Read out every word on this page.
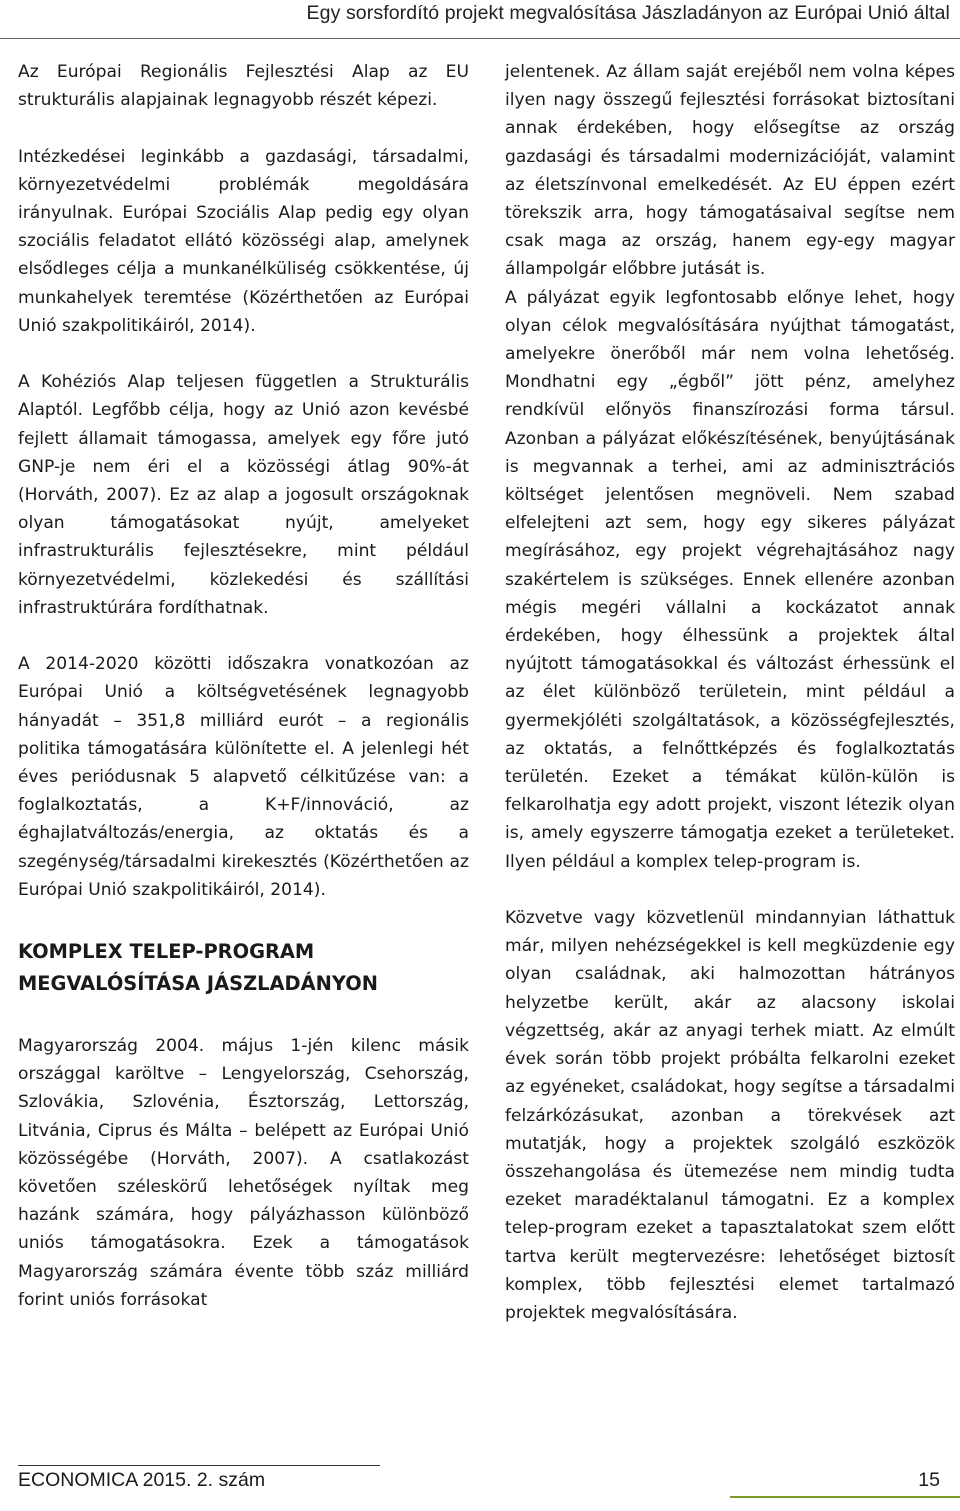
Egy sorsfordító projekt megvalósítása Jászladányon az Európai Unió által

Az Európai Regionális Fejlesztési Alap az EU strukturális alapjainak legnagyobb részét képezi.

Intézkedései leginkább a gazdasági, társadalmi, környezetvédelmi problémák megoldására irányulnak. Európai Szociális Alap pedig egy olyan szociális feladatot ellátó közösségi alap, amelynek elsődleges célja a munkanélküliség csökkentése, új munkahelyek teremtése (Közérthetően az Európai Unió szakpolitikáiról, 2014).

A Kohéziós Alap teljesen független a Strukturális Alaptól. Legfőbb célja, hogy az Unió azon kevésbé fejlett államait támogassa, amelyek egy főre jutó GNP-je nem éri el a közösségi átlag 90%-át (Horváth, 2007). Ez az alap a jogosult országoknak olyan támogatásokat nyújt, amelyeket infrastrukturális fejlesztésekre, mint például környezetvédelmi, közlekedési és szállítási infrastruktúrára fordíthatnak.

A 2014-2020 közötti időszakra vonatkozóan az Európai Unió a költségvetésének legnagyobb hányadát – 351,8 milliárd eurót – a regionális politika támogatására különítette el. A jelenlegi hét éves periódusnak 5 alapvető célkitűzése van: a foglalkoztatás, a K+F/innováció, az éghajlatváltozás/energia, az oktatás és a szegénység/társadalmi kirekesztés (Közérthetően az Európai Unió szakpolitikáiról, 2014).

KOMPLEX TELEP-PROGRAM
MEGVALÓSÍTÁSA JÁSZLADÁNYON

Magyarország 2004. május 1-jén kilenc másik országgal karöltve – Lengyelország, Csehország, Szlovákia, Szlovénia, Észtország, Lettország, Litvánia, Ciprus és Málta – belépett az Európai Unió közösségébe (Horváth, 2007). A csatlakozást követően széleskörű lehetőségek nyíltak meg hazánk számára, hogy pályázhasson különböző uniós támogatásokra. Ezek a támogatások Magyarország számára évente több száz milliárd forint uniós forrásokat

jelentenek. Az állam saját erejéből nem volna képes ilyen nagy összegű fejlesztési forrásokat biztosítani annak érdekében, hogy elősegítse az ország gazdasági és társadalmi modernizációját, valamint az életszínvonal emelkedését. Az EU éppen ezért törekszik arra, hogy támogatásaival segítse nem csak maga az ország, hanem egy-egy magyar állampolgár előbbre jutását is.

A pályázat egyik legfontosabb előnye lehet, hogy olyan célok megvalósítására nyújthat támogatást, amelyekre önerőből már nem volna lehetőség. Mondhatni egy „égből” jött pénz, amelyhez rendkívül előnyös finanszírozási forma társul. Azonban a pályázat előkészítésének, benyújtásának is megvannak a terhei, ami az adminisztrációs költséget jelentősen megnöveli. Nem szabad elfelejteni azt sem, hogy egy sikeres pályázat megírásához, egy projekt végrehajtásához nagy szakértelem is szükséges. Ennek ellenére azonban mégis megéri vállalni a kockázatot annak érdekében, hogy élhessünk a projektek által nyújtott támogatásokkal és változást érhessünk el az élet különböző területein, mint például a gyermekjóléti szolgáltatások, a közösségfejlesztés, az oktatás, a felnőttképzés és foglalkoztatás területén. Ezeket a témákat külön-külön is felkarolhatja egy adott projekt, viszont létezik olyan is, amely egyszerre támogatja ezeket a területeket. Ilyen például a komplex telep-program is.

Közvetve vagy közvetlenül mindannyian láthattuk már, milyen nehézségekkel is kell megküzdenie egy olyan családnak, aki halmozottan hátrányos helyzetbe került, akár az alacsony iskolai végzettség, akár az anyagi terhek miatt. Az elmúlt évek során több projekt próbálta felkarolni ezeket az egyéneket, családokat, hogy segítse a társadalmi felzárkózásukat, azonban a törekvések azt mutatják, hogy a projektek szolgáló eszközök összehangolása és ütemezése nem mindig tudta ezeket maradéktalanul támogatni. Ez a komplex telep-program ezeket a tapasztalatokat szem előtt tartva került megtervezésre: lehetőséget biztosít komplex, több fejlesztési elemet tartalmazó projektek megvalósítására.

ECONOMICA 2015. 2. szám	15
